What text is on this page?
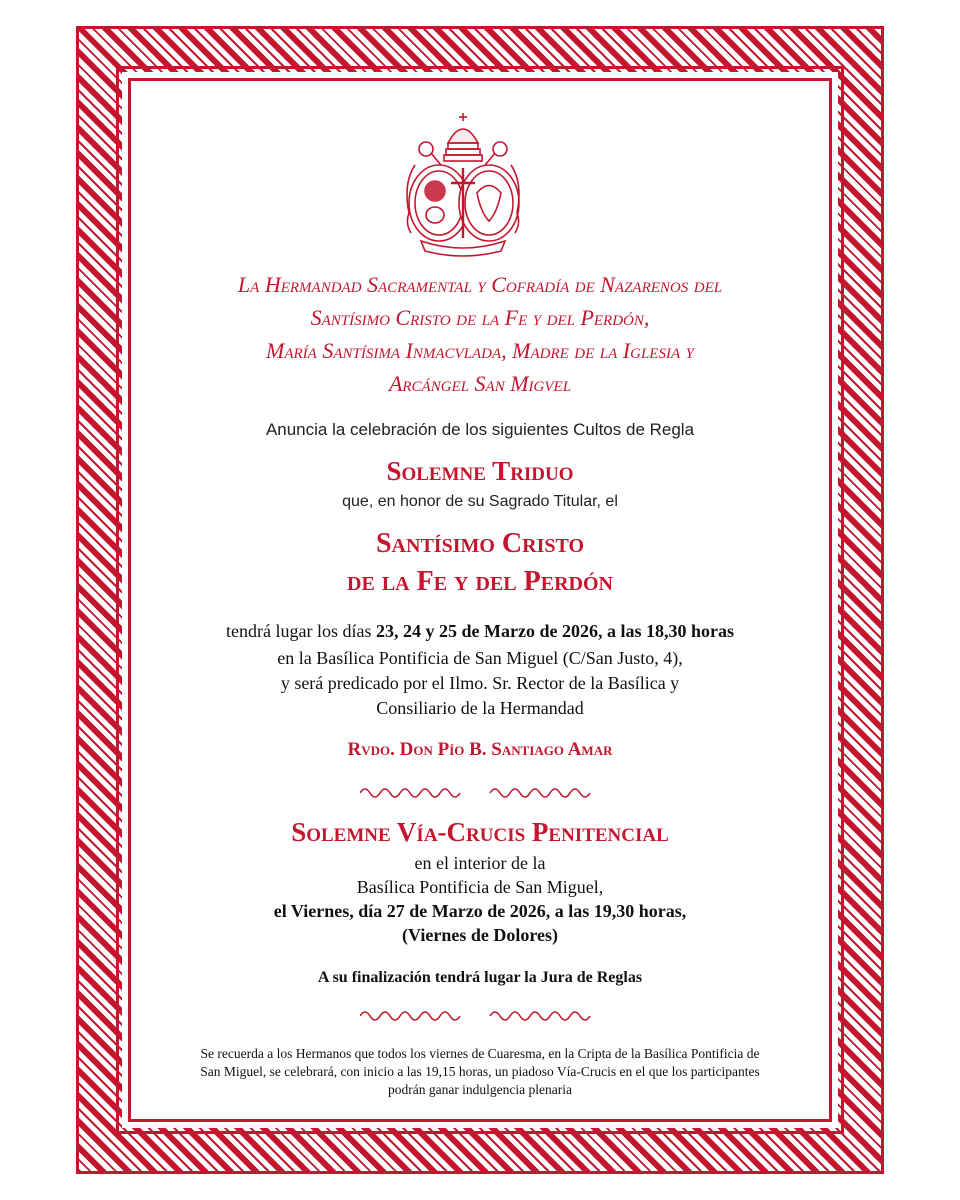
La Hermandad Sacramental y Cofradía de Nazarenos del
Santísimo Cristo de la Fe y del Perdón,
María Santísima Inmacvlada, Madre de la Iglesia y
Arcángel San Migvel
Anuncia la celebración de los siguientes Cultos de Regla
Solemne Triduo
que, en honor de su Sagrado Titular, el
Santísimo Cristo
de la Fe y del Perdón
tendrá lugar los días 23, 24 y 25 de Marzo de 2026, a las 18,30 horas
en la Basílica Pontificia de San Miguel (C/San Justo, 4),
y será predicado por el Ilmo. Sr. Rector de la Basílica y
Consiliario de la Hermandad
Rvdo. Don Pío B. Santiago Amar
Solemne Vía-Crucis Penitencial
en el interior de la
Basílica Pontificia de San Miguel,
el Viernes, día 27 de Marzo de 2026, a las 19,30 horas,
(Viernes de Dolores)
A su finalización tendrá lugar la Jura de Reglas
Se recuerda a los Hermanos que todos los viernes de Cuaresma, en la Cripta de la Basílica Pontificia de San Miguel, se celebrará, con inicio a las 19,15 horas, un piadoso Vía-Crucis en el que los participantes podrán ganar indulgencia plenaria
